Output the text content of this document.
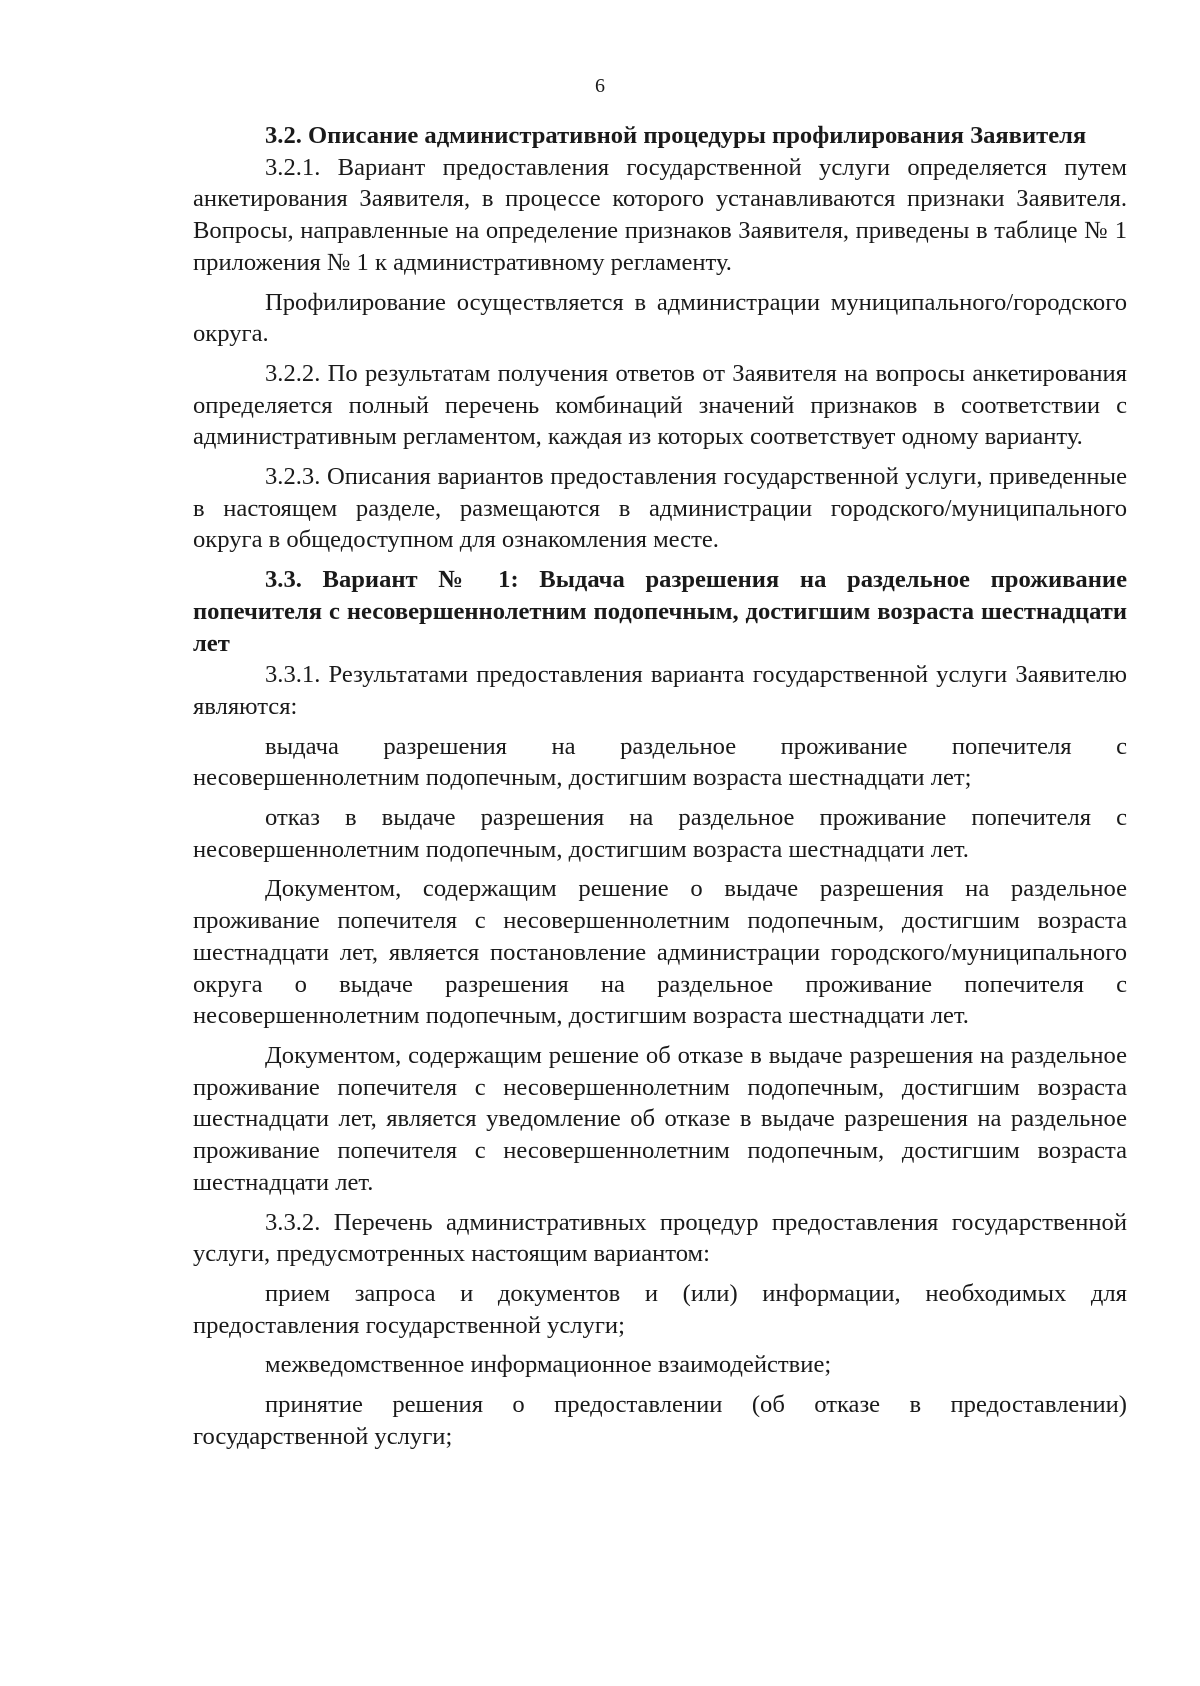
6

3.2. Описание административной процедуры профилирования Заявителя

3.2.1. Вариант предоставления государственной услуги определяется путем анкетирования Заявителя, в процессе которого устанавливаются признаки Заявителя. Вопросы, направленные на определение признаков Заявителя, приведены в таблице № 1 приложения № 1 к административному регламенту.

Профилирование осуществляется в администрации муниципального/городского округа.

3.2.2. По результатам получения ответов от Заявителя на вопросы анкетирования определяется полный перечень комбинаций значений признаков в соответствии с административным регламентом, каждая из которых соответствует одному варианту.

3.2.3. Описания вариантов предоставления государственной услуги, приведенные в настоящем разделе, размещаются в администрации городского/муниципального округа в общедоступном для ознакомления месте.

3.3. Вариант № 1: Выдача разрешения на раздельное проживание попечителя с несовершеннолетним подопечным, достигшим возраста шестнадцати лет

3.3.1. Результатами предоставления варианта государственной услуги Заявителю являются:

выдача разрешения на раздельное проживание попечителя с несовершеннолетним подопечным, достигшим возраста шестнадцати лет;

отказ в выдаче разрешения на раздельное проживание попечителя с несовершеннолетним подопечным, достигшим возраста шестнадцати лет.

Документом, содержащим решение о выдаче разрешения на раздельное проживание попечителя с несовершеннолетним подопечным, достигшим возраста шестнадцати лет, является постановление администрации городского/муниципального округа о выдаче разрешения на раздельное проживание попечителя с несовершеннолетним подопечным, достигшим возраста шестнадцати лет.

Документом, содержащим решение об отказе в выдаче разрешения на раздельное проживание попечителя с несовершеннолетним подопечным, достигшим возраста шестнадцати лет, является уведомление об отказе в выдаче разрешения на раздельное проживание попечителя с несовершеннолетним подопечным, достигшим возраста шестнадцати лет.

3.3.2. Перечень административных процедур предоставления государственной услуги, предусмотренных настоящим вариантом:

прием запроса и документов и (или) информации, необходимых для предоставления государственной услуги;

межведомственное информационное взаимодействие;

принятие решения о предоставлении (об отказе в предоставлении) государственной услуги;
